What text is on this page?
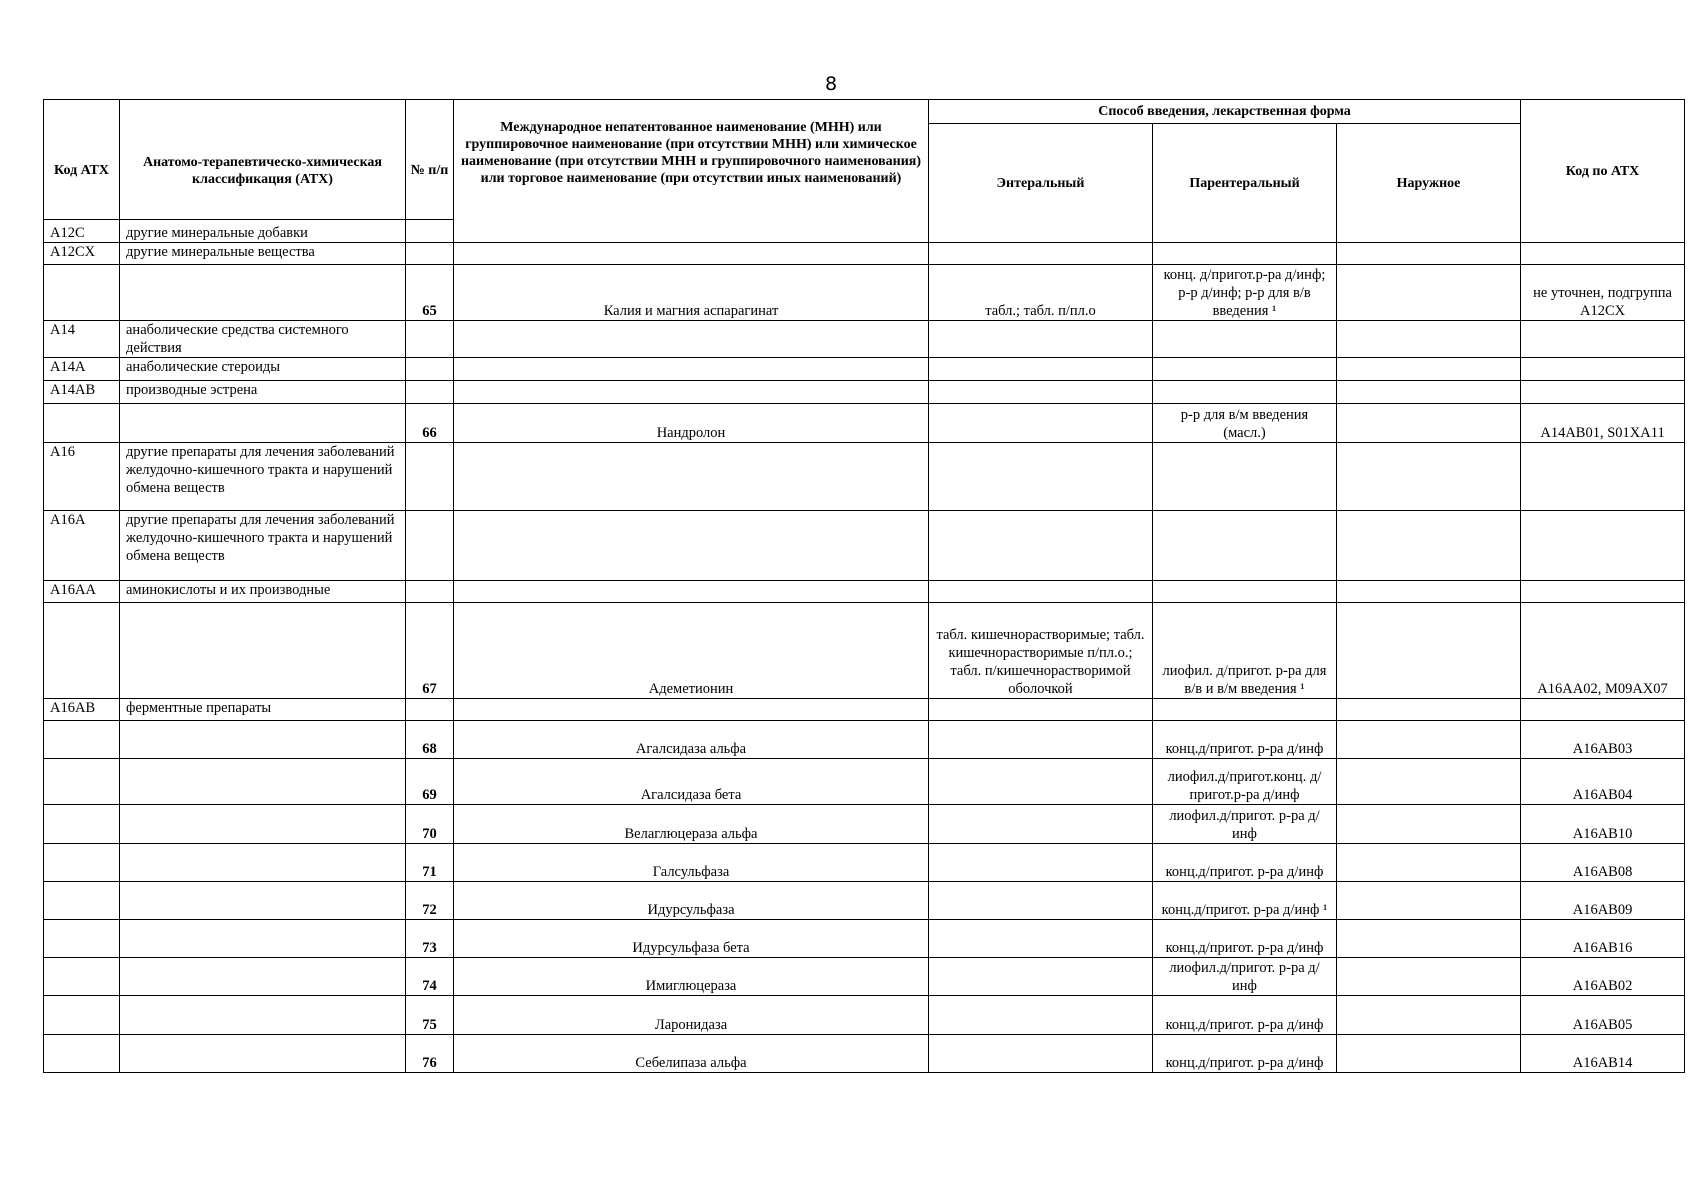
8
Код АТХ	Анатомо-терапевтическо-химическая классификация (АТХ)	№ п/п	Международное непатентованное наименование (МНН) или группировочное наименование (при отсутствии МНН) или химическое наименование (при отсутствии МНН и группировочного наименования) или торговое наименование (при отсутствии иных наименований)	Способ введения, лекарственная форма			Код по АТХ
				Энтеральный	Парентеральный	Наружное	
A12C	другие минеральные добавки						
A12CX	другие минеральные вещества						
		65	Калия и магния аспарагинат	табл.; табл. п/пл.о	конц. д/пригот.р-ра д/инф; р-р д/инф; р-р для в/в введения ¹		не уточнен, подгруппа A12CX
A14	анаболические средства системного действия						
A14A	анаболические стероиды						
A14AB	производные эстрена						
		66	Нандролон		р-р для в/м введения (масл.)		A14AB01, S01XA11
A16	другие препараты для лечения заболеваний желудочно-кишечного тракта и нарушений обмена веществ						
A16A	другие препараты для лечения заболеваний желудочно-кишечного тракта и нарушений обмена веществ						
A16AA	аминокислоты и их производные						
		67	Адеметионин	табл. кишечнорастворимые; табл. кишечнорастворимые п/пл.о.; табл. п/кишечнорастворимой оболочкой	лиофил. д/пригот. р-ра для в/в и в/м введения ¹		A16AA02, M09AX07
A16AB	ферментные препараты						
		68	Агалсидаза альфа		конц.д/пригот. р-ра д/инф		A16AB03
		69	Агалсидаза бета		лиофил.д/пригот.конц. д/пригот.р-ра д/инф		A16AB04
		70	Велаглюцераза альфа		лиофил.д/пригот. р-ра д/инф		A16AB10
		71	Галсульфаза		конц.д/пригот. р-ра д/инф		A16AB08
		72	Идурсульфаза		конц.д/пригот. р-ра д/инф ¹		A16AB09
		73	Идурсульфаза бета		конц.д/пригот. р-ра д/инф		A16AB16
		74	Имиглюцераза		лиофил.д/пригот. р-ра д/инф		A16AB02
		75	Ларонидаза		конц.д/пригот. р-ра д/инф		A16AB05
		76	Себелипаза альфа		конц.д/пригот. р-ра д/инф		A16AB14
